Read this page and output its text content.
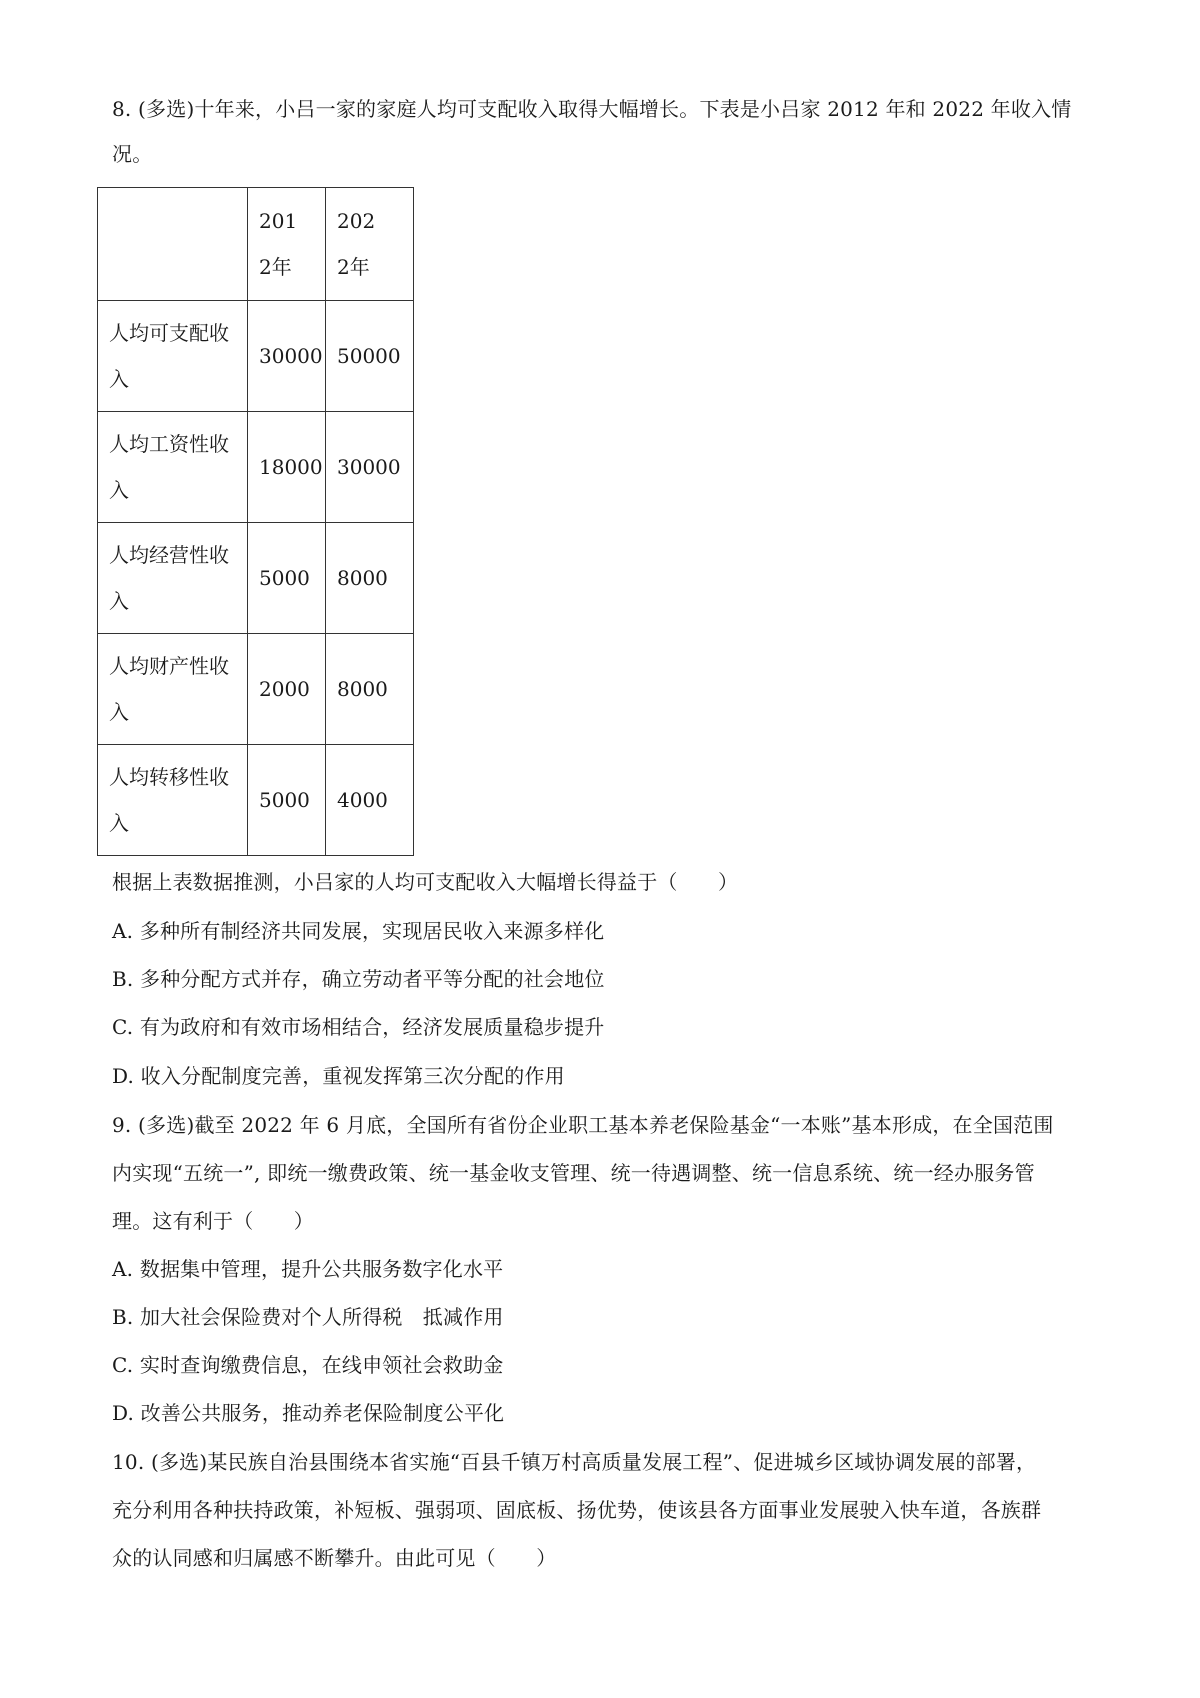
8. (多选)十年来，小吕一家的家庭人均可支配收入取得大幅增长。下表是小吕家 2012 年和 2022 年收入情
况。

	2012年	2022年

人均可支配收入	30000	50000

人均工资性收入	18000	30000

人均经营性收入	5000	8000

人均财产性收入	2000	8000

人均转移性收入	5000	4000
根据上表数据推测，小吕家的人均可支配收入大幅增长得益于（　　）
A. 多种所有制经济共同发展，实现居民收入来源多样化
B. 多种分配方式并存，确立劳动者平等分配的社会地位
C. 有为政府和有效市场相结合，经济发展质量稳步提升
D. 收入分配制度完善，重视发挥第三次分配的作用
9. (多选)截至 2022 年 6 月底，全国所有省份企业职工基本养老保险基金“一本账”基本形成，在全国范围
内实现“五统一”, 即统一缴费政策、统一基金收支管理、统一待遇调整、统一信息系统、统一经办服务管
理。这有利于（　　）
A. 数据集中管理，提升公共服务数字化水平
B. 加大社会保险费对个人所得税　抵减作用
C. 实时查询缴费信息，在线申领社会救助金
D. 改善公共服务，推动养老保险制度公平化
10. (多选)某民族自治县围绕本省实施“百县千镇万村高质量发展工程”、促进城乡区域协调发展的部署，
充分利用各种扶持政策，补短板、强弱项、固底板、扬优势，使该县各方面事业发展驶入快车道，各族群
众的认同感和归属感不断攀升。由此可见（　　）
